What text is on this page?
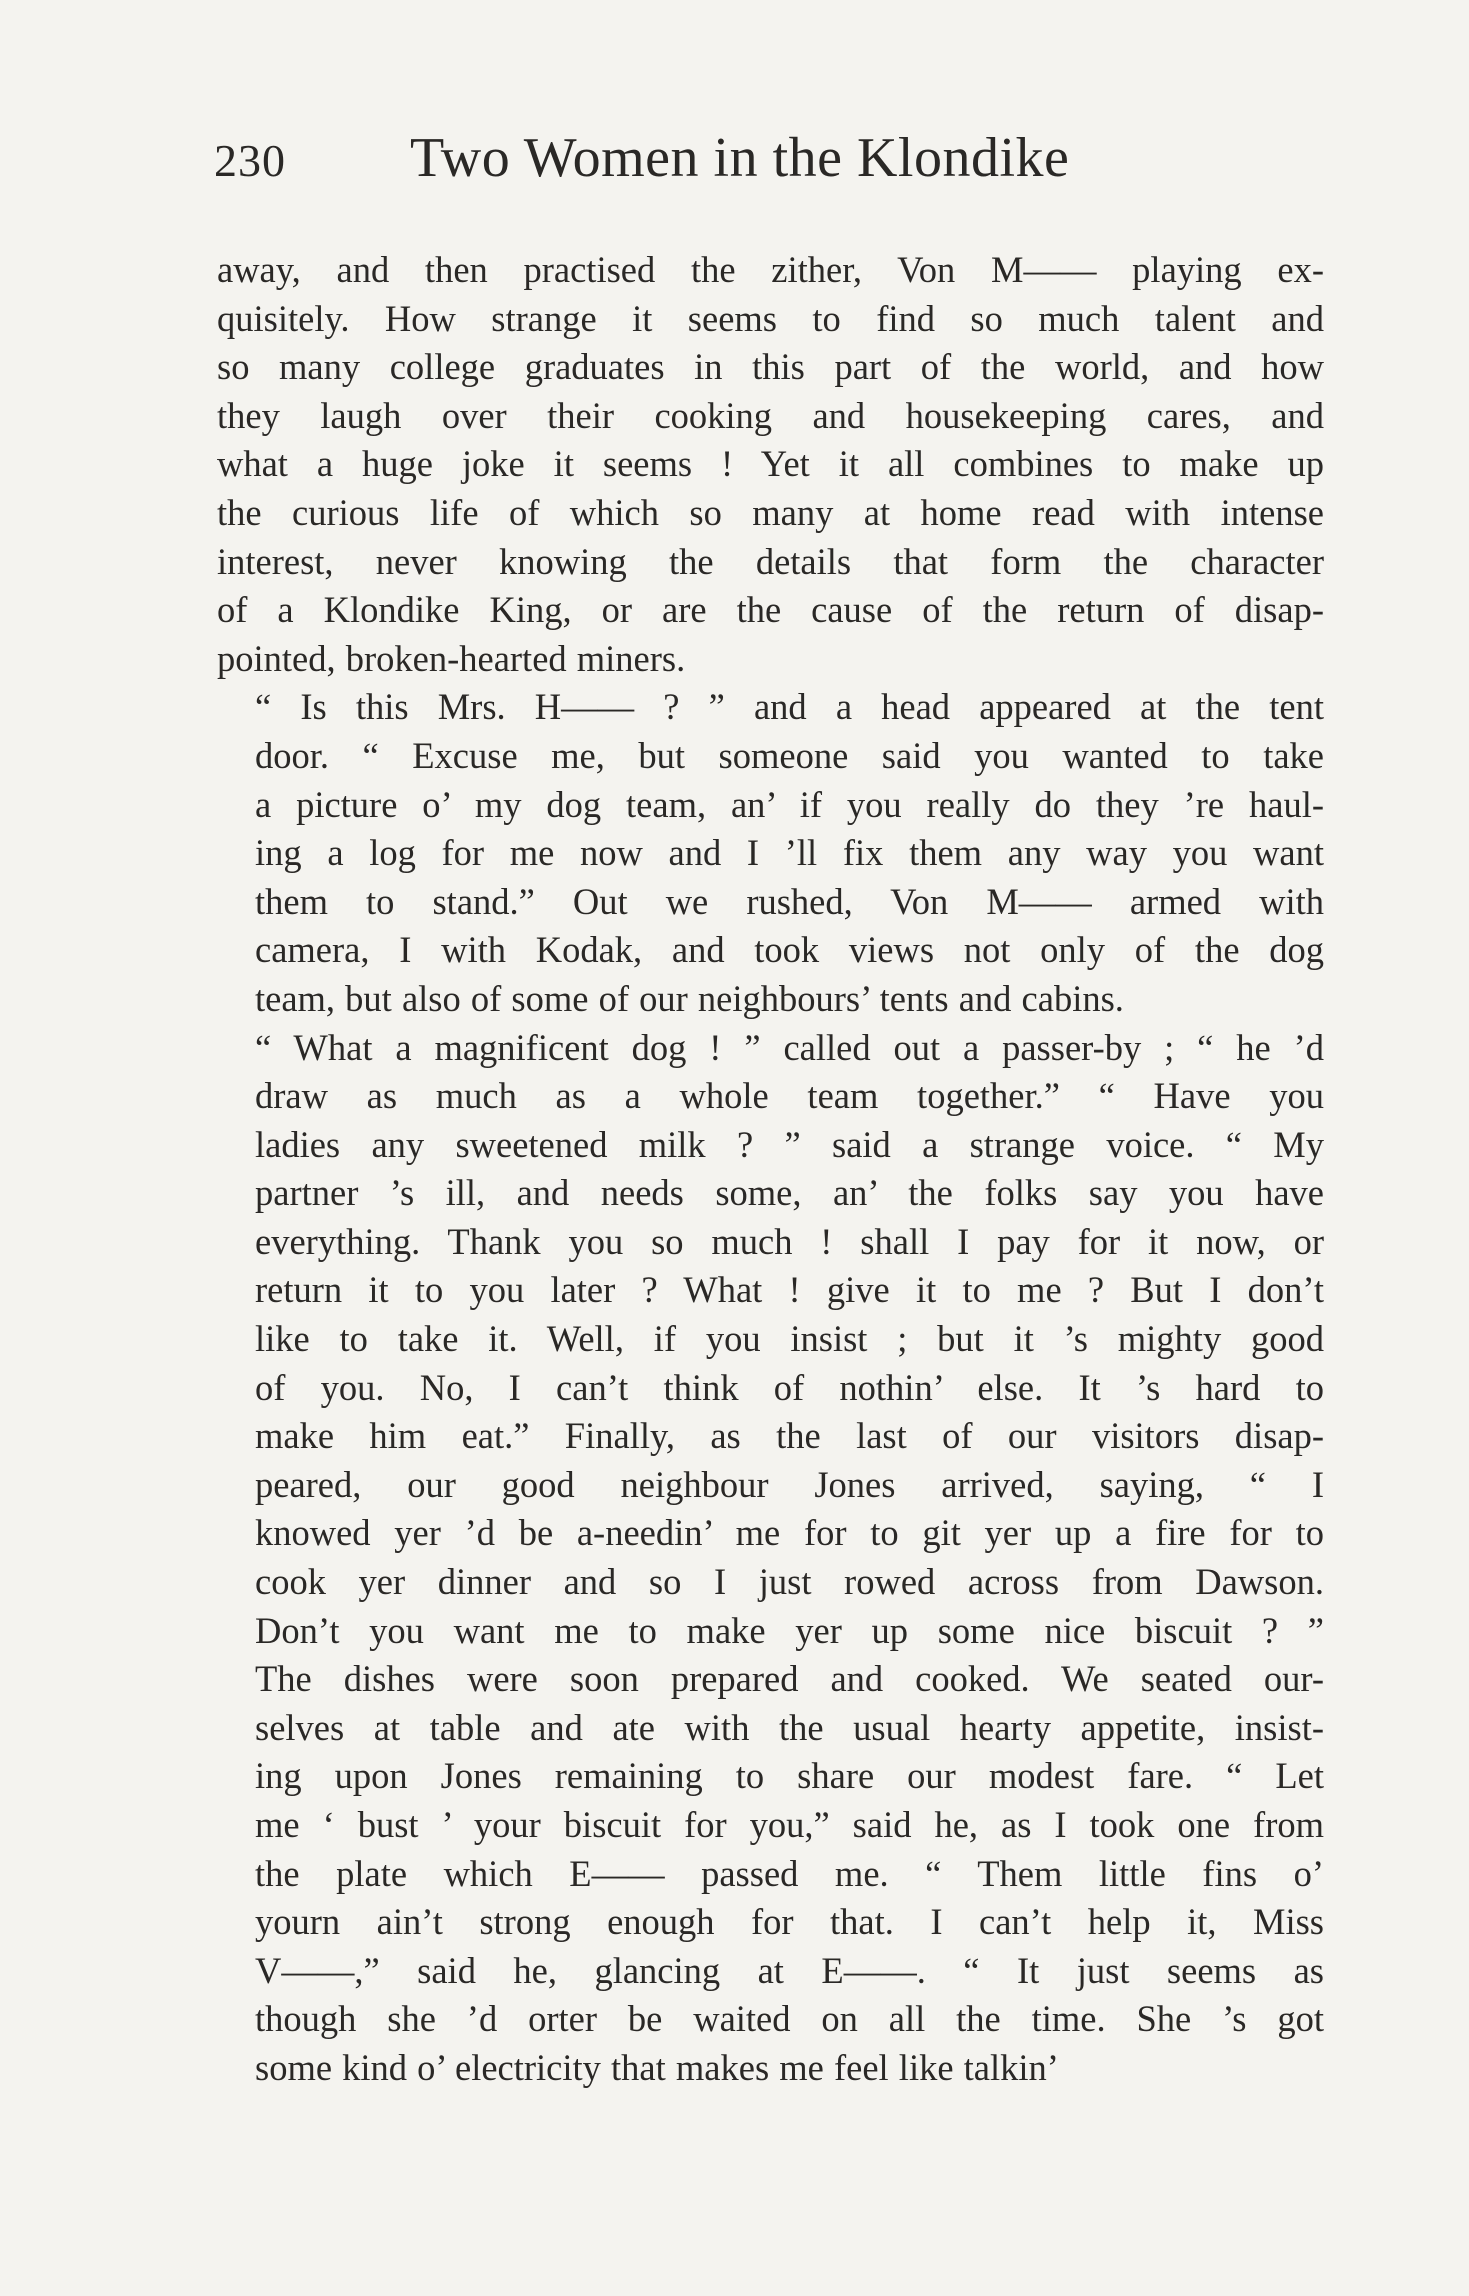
230 Two Women in the Klondike
away, and then practised the zither, Von M—— playing ex-
quisitely. How strange it seems to find so much talent and
so many college graduates in this part of the world, and how
they laugh over their cooking and housekeeping cares, and
what a huge joke it seems ! Yet it all combines to make up
the curious life of which so many at home read with intense
interest, never knowing the details that form the character
of a Klondike King, or are the cause of the return of disap-
pointed, broken-hearted miners.
“ Is this Mrs. H—— ? ” and a head appeared at the tent
door. “ Excuse me, but someone said you wanted to take
a picture o’ my dog team, an’ if you really do they ’re haul-
ing a log for me now and I ’ll fix them any way you want
them to stand.” Out we rushed, Von M—— armed with
camera, I with Kodak, and took views not only of the dog
team, but also of some of our neighbours’ tents and cabins.
“ What a magnificent dog ! ” called out a passer-by ; “ he ’d
draw as much as a whole team together.” “ Have you
ladies any sweetened milk ? ” said a strange voice. “ My
partner ’s ill, and needs some, an’ the folks say you have
everything. Thank you so much ! shall I pay for it now, or
return it to you later ? What ! give it to me ? But I don’t
like to take it. Well, if you insist ; but it ’s mighty good
of you. No, I can’t think of nothin’ else. It ’s hard to
make him eat.” Finally, as the last of our visitors disap-
peared, our good neighbour Jones arrived, saying, “ I
knowed yer ’d be a-needin’ me for to git yer up a fire for to
cook yer dinner and so I just rowed across from Dawson.
Don’t you want me to make yer up some nice biscuit ? ”
The dishes were soon prepared and cooked. We seated our-
selves at table and ate with the usual hearty appetite, insist-
ing upon Jones remaining to share our modest fare. “ Let
me ‘ bust ’ your biscuit for you,” said he, as I took one from
the plate which E—— passed me. “ Them little fins o’
yourn ain’t strong enough for that. I can’t help it, Miss
V——,” said he, glancing at E——. “ It just seems as
though she ’d orter be waited on all the time. She ’s got
some kind o’ electricity that makes me feel like talkin’
